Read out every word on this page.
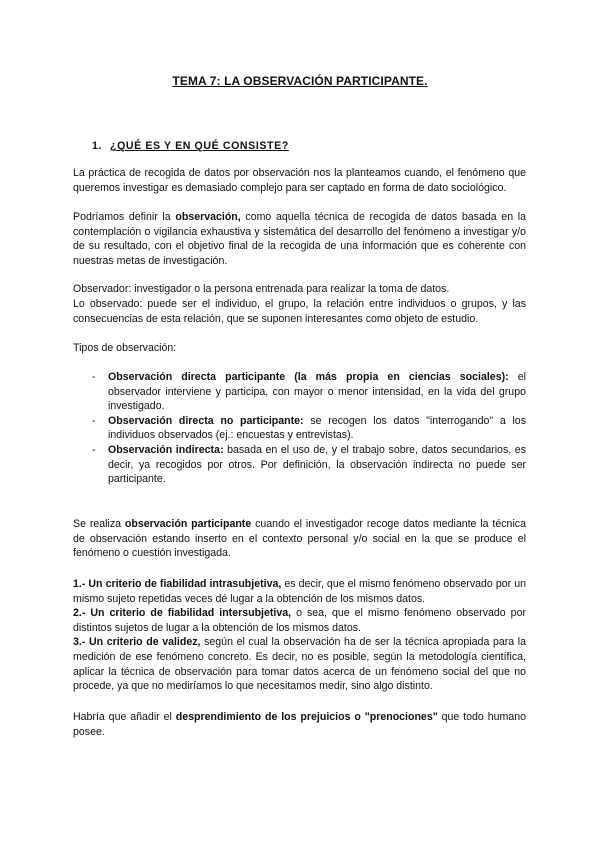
TEMA 7: LA OBSERVACIÓN PARTICIPANTE.
1. ¿QUÉ ES Y EN QUÉ CONSISTE?
La práctica de recogida de datos por observación nos la planteamos cuando, el fenómeno que queremos investigar es demasiado complejo para ser captado en forma de dato sociológico.
Podríamos definir la observación, como aquella técnica de recogida de datos basada en la contemplación o vigilancia exhaustiva y sistemática del desarrollo del fenómeno a investigar y/o de su resultado, con el objetivo final de la recogida de una información que es coherente con nuestras metas de investigación.
Observador: investigador o la persona entrenada para realizar la toma de datos.
Lo observado: puede ser el individuo, el grupo, la relación entre individuos o grupos, y las consecuencias de esta relación, que se suponen interesantes como objeto de estudio.
Tipos de observación:
- Observación directa participante (la más propia en ciencias sociales): el observador interviene y participa, con mayor o menor intensidad, en la vida del grupo investigado.
- Observación directa no participante: se recogen los datos "interrogando" a los individuos observados (ej.: encuestas y entrevistas).
- Observación indirecta: basada en el uso de, y el trabajo sobre, datos secundarios, es decir, ya recogidos por otros. Por definición, la observación indirecta no puede ser participante.
Se realiza observación participante cuando el investigador recoge datos mediante la técnica de observación estando inserto en el contexto personal y/o social en la que se produce el fenómeno o cuestión investigada.
1.- Un criterio de fiabilidad intrasubjetiva, es decir, que el mismo fenómeno observado por un mismo sujeto repetidas veces dé lugar a la obtención de los mismos datos.
2.- Un criterio de fiabilidad intersubjetiva, o sea, que el mismo fenómeno observado por distintos sujetos de lugar a la obtención de los mismos datos.
3.- Un criterio de validez, según el cual la observación ha de ser la técnica apropiada para la medición de ese fenómeno concreto. Es decir, no es posible, según la metodología científica, aplicar la técnica de observación para tomar datos acerca de un fenómeno social del que no procede, ya que no mediríamos lo que necesitamos medir, sino algo distinto.
Habría que añadir el desprendimiento de los prejuicios o "prenociones" que todo humano posee.
